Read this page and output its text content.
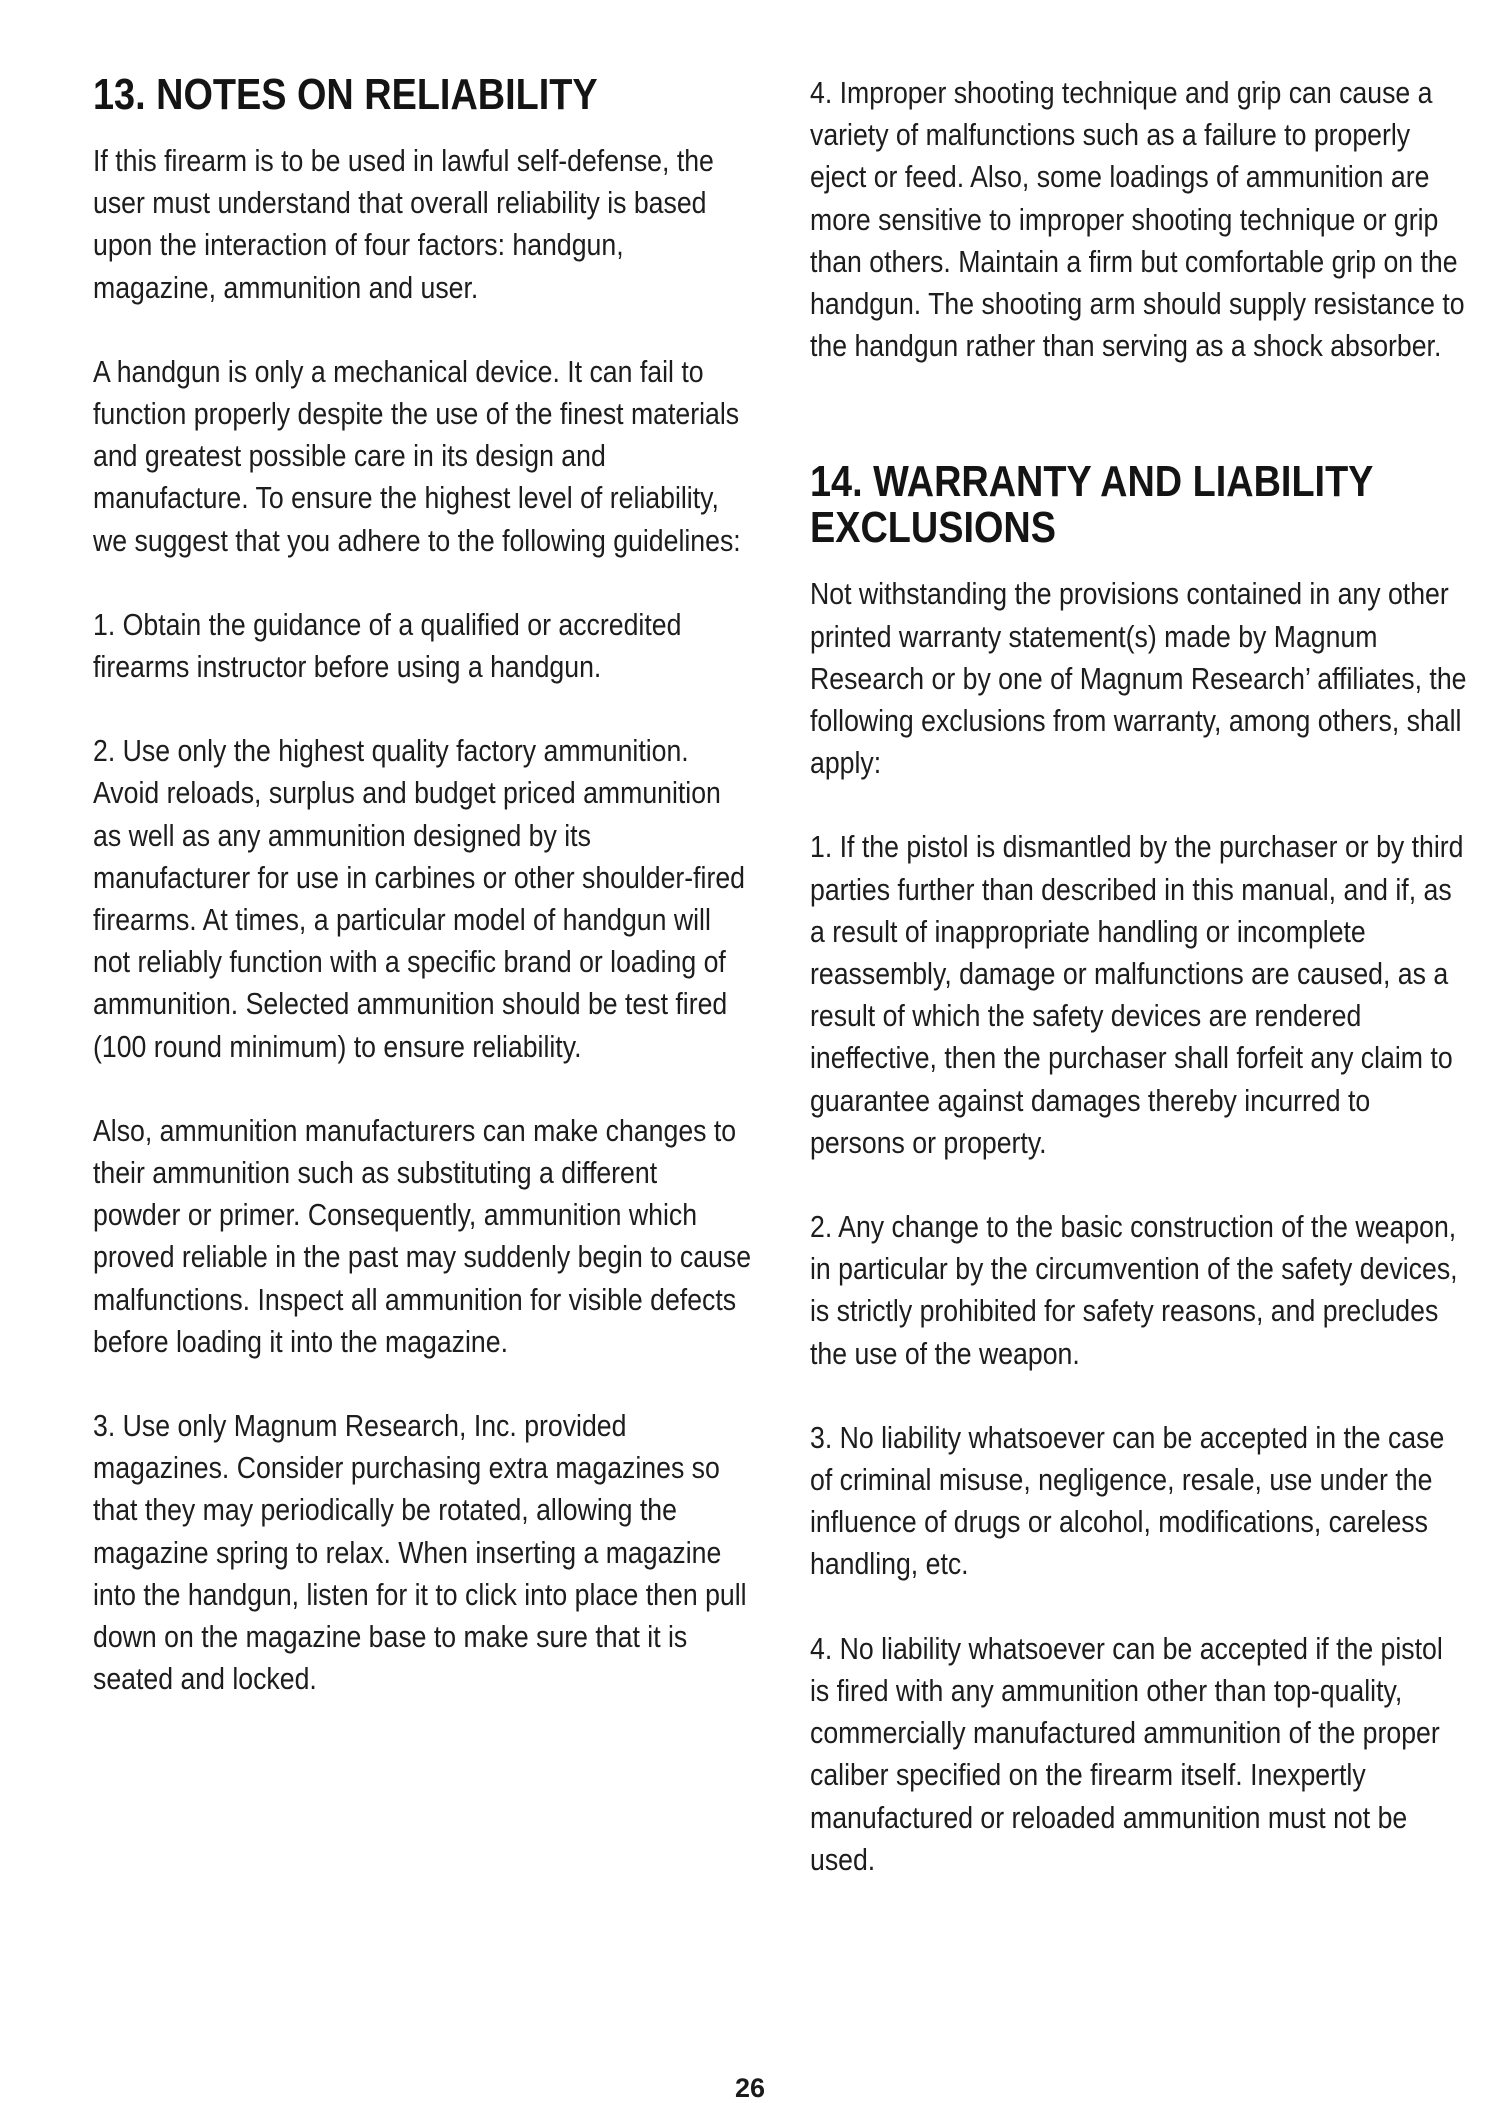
13. NOTES ON RELIABILITY

If this firearm is to be used in lawful self-defense, the user must understand that overall reliability is based upon the interaction of four factors: handgun, magazine, ammunition and user.

A handgun is only a mechanical device. It can fail to function properly despite the use of the finest materials and greatest possible care in its design and manufacture. To ensure the highest level of reliability, we suggest that you adhere to the following guidelines:

1. Obtain the guidance of a qualified or accredited firearms instructor before using a handgun.

2. Use only the highest quality factory ammunition. Avoid reloads, surplus and budget priced ammunition as well as any ammunition designed by its manufacturer for use in carbines or other shoulder-fired firearms. At times, a particular model of handgun will not reliably function with a specific brand or loading of ammunition. Selected ammunition should be test fired (100 round minimum) to ensure reliability.

Also, ammunition manufacturers can make changes to their ammunition such as substituting a different powder or primer. Consequently, ammunition which proved reliable in the past may suddenly begin to cause malfunctions. Inspect all ammunition for visible defects before loading it into the magazine.

3. Use only Magnum Research, Inc. provided magazines. Consider purchasing extra magazines so that they may periodically be rotated, allowing the magazine spring to relax. When inserting a magazine into the handgun, listen for it to click into place then pull down on the magazine base to make sure that it is seated and locked.

4. Improper shooting technique and grip can cause a variety of malfunctions such as a failure to properly eject or feed. Also, some loadings of ammunition are more sensitive to improper shooting technique or grip than others. Maintain a firm but comfortable grip on the handgun. The shooting arm should supply resistance to the handgun rather than serving as a shock absorber.

14. WARRANTY AND LIABILITY EXCLUSIONS

Not withstanding the provisions contained in any other printed warranty statement(s) made by Magnum Research or by one of Magnum Research’ affiliates, the following exclusions from warranty, among others, shall apply:

1. If the pistol is dismantled by the purchaser or by third parties further than described in this manual, and if, as a result of inappropriate handling or incomplete reassembly, damage or malfunctions are caused, as a result of which the safety devices are rendered ineffective, then the purchaser shall forfeit any claim to guarantee against damages thereby incurred to persons or property.

2. Any change to the basic construction of the weapon, in particular by the circumvention of the safety devices, is strictly prohibited for safety reasons, and precludes the use of the weapon.

3. No liability whatsoever can be accepted in the case of criminal misuse, negligence, resale, use under the influence of drugs or alcohol, modifications, careless handling, etc.

4. No liability whatsoever can be accepted if the pistol is fired with any ammunition other than top-quality, commercially manufactured ammunition of the proper caliber specified on the firearm itself. Inexpertly manufactured or reloaded ammunition must not be used.

26
